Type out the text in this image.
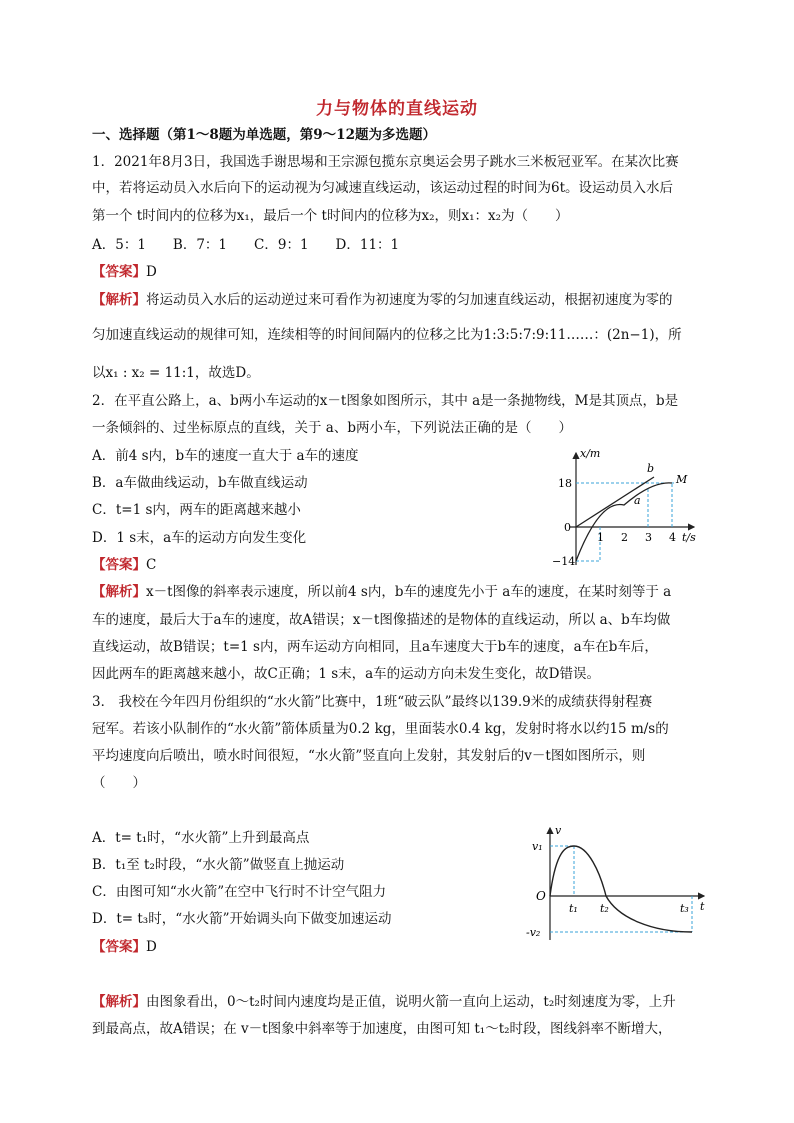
力与物体的直线运动
一、选择题（第1～8题为单选题，第9～12题为多选题）
1．2021年8月3日，我国选手谢思埸和王宗源包揽东京奥运会男子跳水三米板冠亚军。在某次比赛
中，若将运动员入水后向下的运动视为匀减速直线运动，该运动过程的时间为6t。设运动员入水后
第一个 t时间内的位移为x₁，最后一个 t时间内的位移为x₂，则x₁：x₂为（　　）
A．5：1　　B．7：1　　C．9：1　　D．11：1
【答案】D
【解析】将运动员入水后的运动逆过来可看作为初速度为零的匀加速直线运动，根据初速度为零的
匀加速直线运动的规律可知，连续相等的时间间隔内的位移之比为1:3:5:7:9:11……：(2n−1)，所
以x₁ : x₂ = 11:1，故选D。
2．在平直公路上，a、b两小车运动的x－t图象如图所示，其中 a是一条抛物线，M是其顶点，b是
一条倾斜的、过坐标原点的直线，关于 a、b两小车，下列说法正确的是（　　）
A．前4 s内，b车的速度一直大于 a车的速度
B．a车做曲线运动，b车做直线运动
C．t=1 s内，两车的距离越来越小
D．1 s末，a车的运动方向发生变化
【答案】C
【解析】x－t图像的斜率表示速度，所以前4 s内，b车的速度先小于 a车的速度，在某时刻等于 a
车的速度，最后大于a车的速度，故A错误；x－t图像描述的是物体的直线运动，所以 a、b车均做
直线运动，故B错误；t=1 s内，两车运动方向相同，且a车速度大于b车的速度，a车在b车后，
因此两车的距离越来越小，故C正确；1 s末，a车的运动方向未发生变化，故D错误。
x/m
t/s
18
0
−14
1 2 3 4
a
b
M
3． 我校在今年四月份组织的“水火箭”比赛中，1班“破云队”最终以139.9米的成绩获得射程赛
冠军。若该小队制作的“水火箭”箭体质量为0.2 kg，里面装水0.4 kg，发射时将水以约15 m/s的
平均速度向后喷出，喷水时间很短，“水火箭”竖直向上发射，其发射后的v－t图如图所示，则
（　　）
A．t= t₁时，“水火箭”上升到最高点
B．t₁至 t₂时段，“水火箭”做竖直上抛运动
C．由图可知“水火箭”在空中飞行时不计空气阻力
D．t= t₃时，“水火箭”开始调头向下做变加速运动
【答案】D
【解析】由图象看出，0～t₂时间内速度均是正值，说明火箭一直向上运动，t₂时刻速度为零，上升
到最高点，故A错误；在 v－t图象中斜率等于加速度，由图可知 t₁～t₂时段，图线斜率不断增大，
v
t
O
v₁
-v₂
t₁ t₂	t₃
